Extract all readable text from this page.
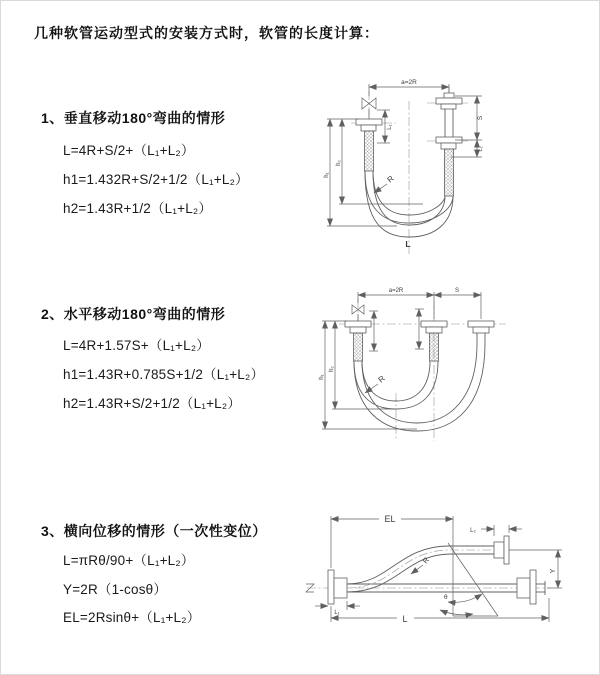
几种软管运动型式的安装方式时，软管的长度计算：
1、垂直移动180°弯曲的情形
L=4R+S/2+（L₁+L₂）
h1=1.432R+S/2+1/2（L₁+L₂）
h2=1.43R+1/2（L₁+L₂）
2、水平移动180°弯曲的情形
L=4R+1.57S+（L₁+L₂）
h1=1.43R+0.785S+1/2（L₁+L₂）
h2=1.43R+S/2+1/2（L₁+L₂）
3、横向位移的情形（一次性变位）
L=πRθ/90+（L₁+L₂）
Y=2R（1-cosθ）
EL=2Rsinθ+（L₁+L₂）
a=2R
L₁
S
L₂
h₁
h₂
R
L
a=2R	S
h₁
h₂
R
EL
L₂
Y
θ
R
L₁
L
